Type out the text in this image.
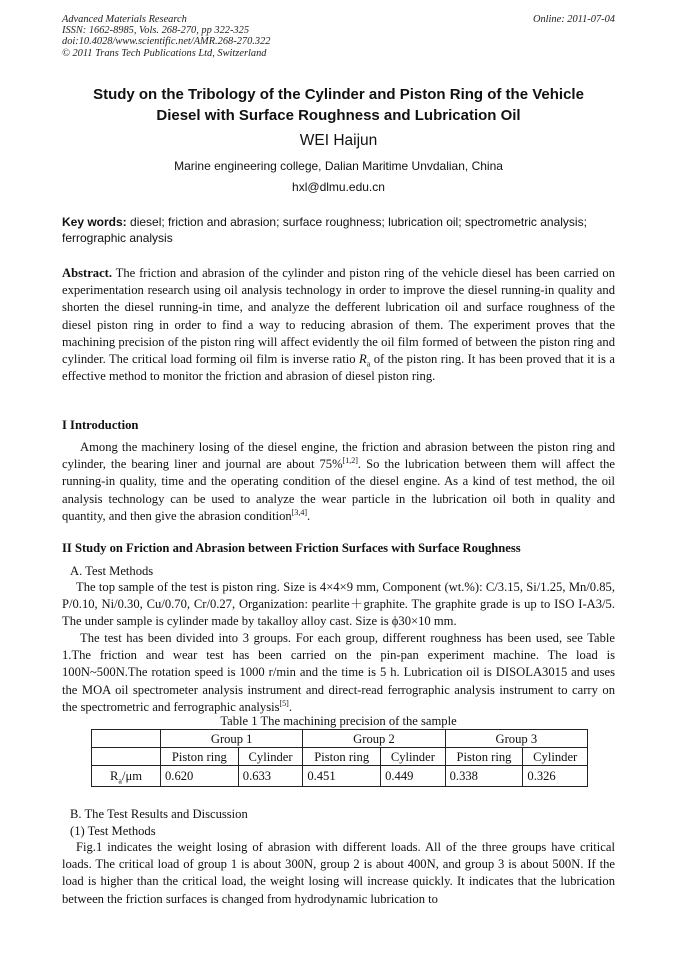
Advanced Materials Research
ISSN: 1662-8985, Vols. 268-270, pp 322-325
doi:10.4028/www.scientific.net/AMR.268-270.322
© 2011 Trans Tech Publications Ltd, Switzerland
Online: 2011-07-04
Study on the Tribology of the Cylinder and Piston Ring of the Vehicle
Diesel with Surface Roughness and Lubrication Oil
WEI Haijun
Marine engineering college, Dalian Maritime Unvdalian, China
hxl@dlmu.edu.cn
Key words: diesel; friction and abrasion; surface roughness; lubrication oil; spectrometric analysis; ferrographic analysis
Abstract. The friction and abrasion of the cylinder and piston ring of the vehicle diesel has been carried on experimentation research using oil analysis technology in order to improve the diesel running-in quality and shorten the diesel running-in time, and analyze the defferent lubrication oil and surface roughness of the diesel piston ring in order to find a way to reducing abrasion of them. The experiment proves that the machining precision of the piston ring will affect evidently the oil film formed of between the piston ring and cylinder. The critical load forming oil film is inverse ratio $R_a$ of the piston ring. It has been proved that it is a effective method to monitor the friction and abrasion of diesel piston ring.
I Introduction
Among the machinery losing of the diesel engine, the friction and abrasion between the piston ring and cylinder, the bearing liner and journal are about 75%[1,2]. So the lubrication between them will affect the running-in quality, time and the operating condition of the diesel engine. As a kind of test method, the oil analysis technology can be used to analyze the wear particle in the lubrication oil both in quality and quantity, and then give the abrasion condition[3,4].
II Study on Friction and Abrasion between Friction Surfaces with Surface Roughness
A. Test Methods
The top sample of the test is piston ring. Size is 4×4×9 mm, Component (wt.%): C/3.15, Si/1.25, Mn/0.85, P/0.10, Ni/0.30, Cu/0.70, Cr/0.27, Organization: pearlite＋graphite. The graphite grade is up to ISO I-A3/5. The under sample is cylinder made by takalloy alloy cast. Size is ϕ30×10 mm.
The test has been divided into 3 groups. For each group, different roughness has been used, see Table 1.The friction and wear test has been carried on the pin-pan experiment machine. The load is 100N~500N.The rotation speed is 1000 r/min and the time is 5 h. Lubrication oil is DISOLA3015 and uses the MOA oil spectrometer analysis instrument and direct-read ferrographic analysis instrument to carry on the spectrometric and ferrographic analysis[5].
Table 1 The machining precision of the sample
	Group 1		Group 2		Group 3	
	Piston ring	Cylinder	Piston ring	Cylinder	Piston ring	Cylinder
$R_a/\mu m$	0.620	0.633	0.451	0.449	0.338	0.326
B. The Test Results and Discussion
(1) Test Methods
Fig.1 indicates the weight losing of abrasion with different loads. All of the three groups have critical loads. The critical load of group 1 is about 300N, group 2 is about 400N, and group 3 is about 500N. If the load is higher than the critical load, the weight losing will increase quickly. It indicates that the lubrication between the friction surfaces is changed from hydrodynamic lubrication to
